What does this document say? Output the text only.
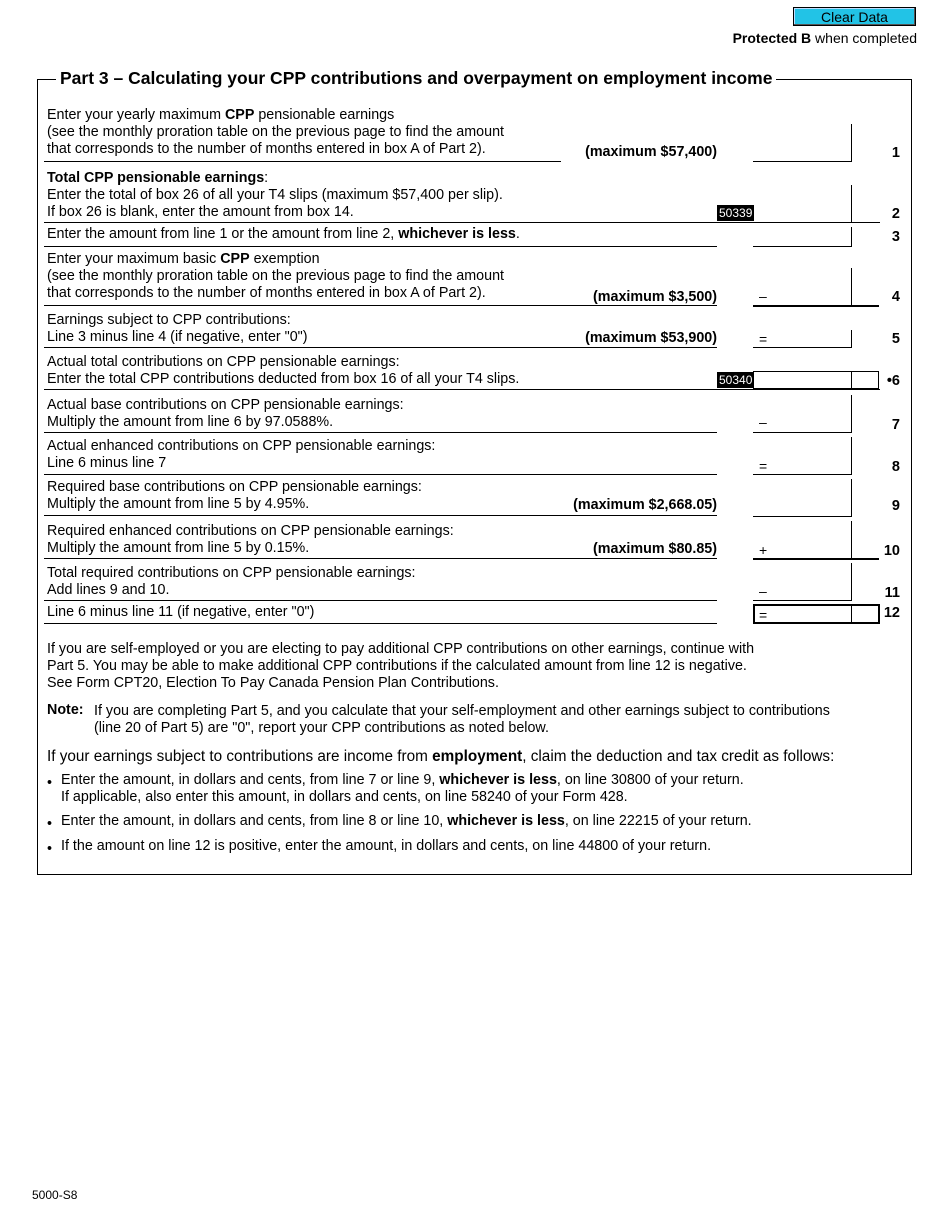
Clear Data
Protected B when completed
Part 3 – Calculating your CPP contributions and overpayment on employment income
Enter your yearly maximum CPP pensionable earnings
(see the monthly proration table on the previous page to find the amount
that corresponds to the number of months entered in box A of Part 2).	(maximum $57,400)	1
Total CPP pensionable earnings:
Enter the total of box 26 of all your T4 slips (maximum $57,400 per slip).
If box 26 is blank, enter the amount from box 14.	50339	2
Enter the amount from line 1 or the amount from line 2, whichever is less.	3
Enter your maximum basic CPP exemption
(see the monthly proration table on the previous page to find the amount
that corresponds to the number of months entered in box A of Part 2).	(maximum $3,500)	–	4
Earnings subject to CPP contributions:
Line 3 minus line 4 (if negative, enter "0")	(maximum $53,900)	=	5
Actual total contributions on CPP pensionable earnings:
Enter the total CPP contributions deducted from box 16 of all your T4 slips.	50340	•6
Actual base contributions on CPP pensionable earnings:
Multiply the amount from line 6 by 97.0588%.	–	7
Actual enhanced contributions on CPP pensionable earnings:
Line 6 minus line 7	=	8
Required base contributions on CPP pensionable earnings:
Multiply the amount from line 5 by 4.95%.	(maximum $2,668.05)	9
Required enhanced contributions on CPP pensionable earnings:
Multiply the amount from line 5 by 0.15%.	(maximum $80.85)	+	10
Total required contributions on CPP pensionable earnings:
Add lines 9 and 10.	–	11
Line 6 minus line 11 (if negative, enter "0")	=	12
If you are self-employed or you are electing to pay additional CPP contributions on other earnings, continue with
Part 5. You may be able to make additional CPP contributions if the calculated amount from line 12 is negative.
See Form CPT20, Election To Pay Canada Pension Plan Contributions.
Note: If you are completing Part 5, and you calculate that your self-employment and other earnings subject to contributions
(line 20 of Part 5) are "0", report your CPP contributions as noted below.
If your earnings subject to contributions are income from employment, claim the deduction and tax credit as follows:
• Enter the amount, in dollars and cents, from line 7 or line 9, whichever is less, on line 30800 of your return.
If applicable, also enter this amount, in dollars and cents, on line 58240 of your Form 428.
• Enter the amount, in dollars and cents, from line 8 or line 10, whichever is less, on line 22215 of your return.
• If the amount on line 12 is positive, enter the amount, in dollars and cents, on line 44800 of your return.
5000-S8
